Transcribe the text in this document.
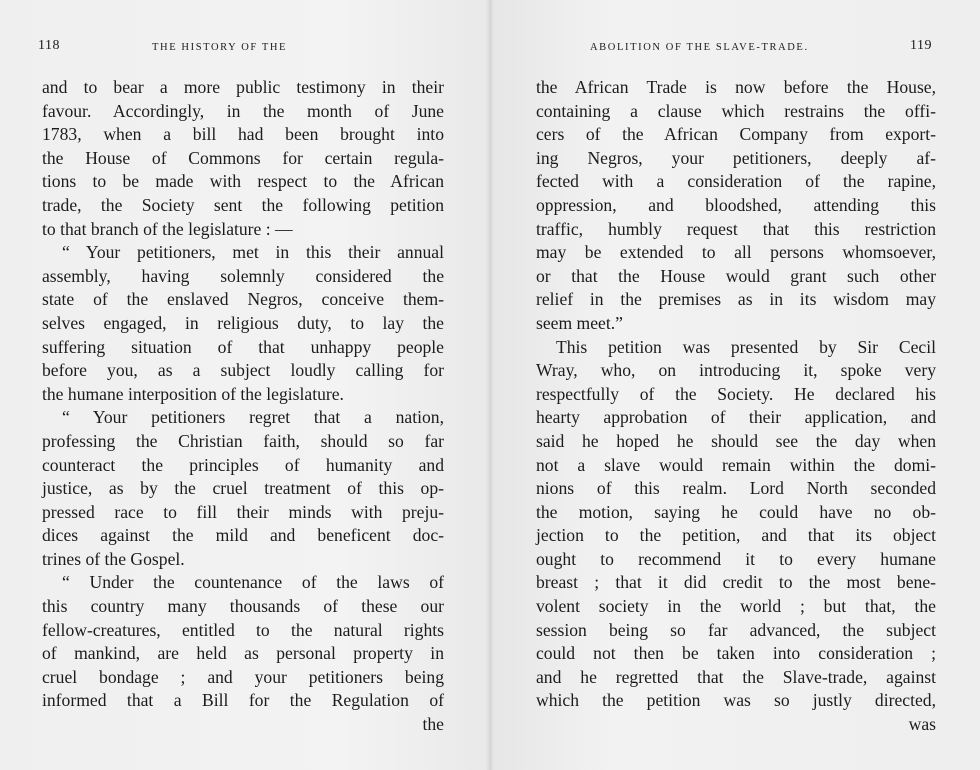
118	THE HISTORY OF THE
and to bear a more public testimony in their
favour. Accordingly, in the month of June
1783, when a bill had been brought into
the House of Commons for certain regula-
tions to be made with respect to the African
trade, the Society sent the following petition
to that branch of the legislature : —
“ Your petitioners, met in this their annual
assembly, having solemnly considered the
state of the enslaved Negros, conceive them-
selves engaged, in religious duty, to lay the
suffering situation of that unhappy people
before you, as a subject loudly calling for
the humane interposition of the legislature.
“ Your petitioners regret that a nation,
professing the Christian faith, should so far
counteract the principles of humanity and
justice, as by the cruel treatment of this op-
pressed race to fill their minds with preju-
dices against the mild and beneficent doc-
trines of the Gospel.
“ Under the countenance of the laws of
this country many thousands of these our
fellow-creatures, entitled to the natural rights
of mankind, are held as personal property in
cruel bondage ; and your petitioners being
informed that a Bill for the Regulation of
the
ABOLITION OF THE SLAVE-TRADE.	119
the African Trade is now before the House,
containing a clause which restrains the offi-
cers of the African Company from export-
ing Negros, your petitioners, deeply af-
fected with a consideration of the rapine,
oppression, and bloodshed, attending this
traffic, humbly request that this restriction
may be extended to all persons whomsoever,
or that the House would grant such other
relief in the premises as in its wisdom may
seem meet.”
This petition was presented by Sir Cecil
Wray, who, on introducing it, spoke very
respectfully of the Society. He declared his
hearty approbation of their application, and
said he hoped he should see the day when
not a slave would remain within the domi-
nions of this realm. Lord North seconded
the motion, saying he could have no ob-
jection to the petition, and that its object
ought to recommend it to every humane
breast ; that it did credit to the most bene-
volent society in the world ; but that, the
session being so far advanced, the subject
could not then be taken into consideration ;
and he regretted that the Slave-trade, against
which the petition was so justly directed,
was
